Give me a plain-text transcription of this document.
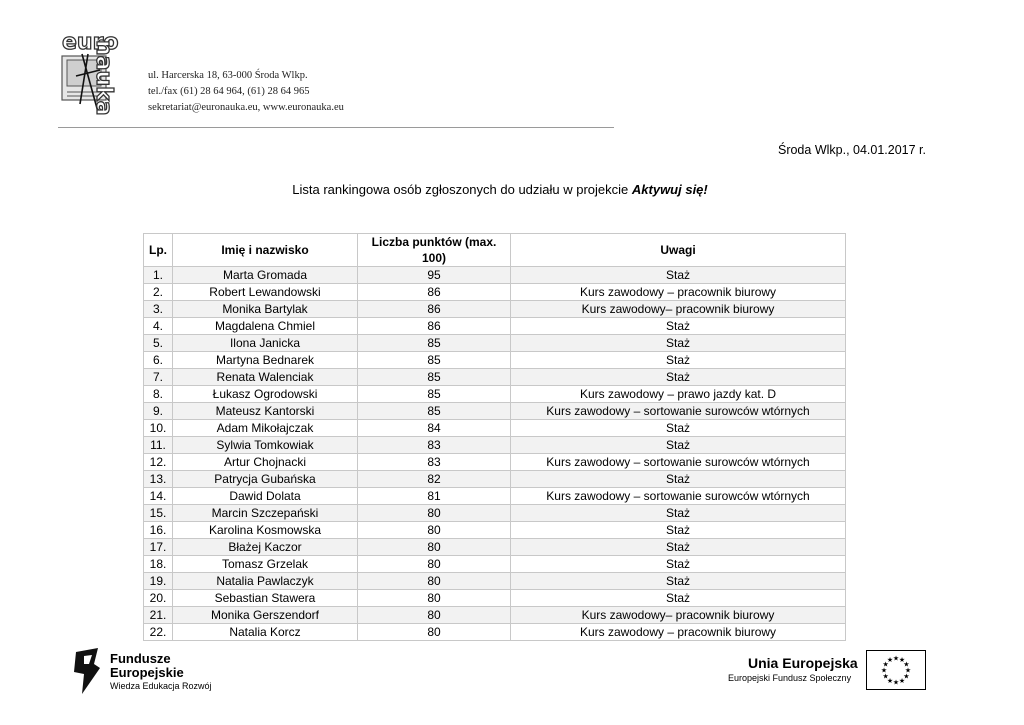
euro
nauka	ul. Harcerska 18, 63-000 Środa Wlkp.
tel./fax (61) 28 64 964, (61) 28 64 965
sekretariat@euronauka.eu, www.euronauka.eu
Środa Wlkp., 04.01.2017 r.
Lista rankingowa osób zgłoszonych do udziału w projekcie Aktywuj się!
Lp.	Imię i nazwisko	Liczba punktów (max. 100)	Uwagi
1.	Marta Gromada	95	Staż
2.	Robert Lewandowski	86	Kurs zawodowy – pracownik biurowy
3.	Monika Bartylak	86	Kurs zawodowy– pracownik biurowy
4.	Magdalena Chmiel	86	Staż
5.	Ilona Janicka	85	Staż
6.	Martyna Bednarek	85	Staż
7.	Renata Walenciak	85	Staż
8.	Łukasz Ogrodowski	85	Kurs zawodowy – prawo jazdy kat. D
9.	Mateusz Kantorski	85	Kurs zawodowy – sortowanie surowców wtórnych
10.	Adam Mikołajczak	84	Staż
11.	Sylwia Tomkowiak	83	Staż
12.	Artur Chojnacki	83	Kurs zawodowy – sortowanie surowców wtórnych
13.	Patrycja Gubańska	82	Staż
14.	Dawid Dolata	81	Kurs zawodowy – sortowanie surowców wtórnych
15.	Marcin Szczepański	80	Staż
16.	Karolina Kosmowska	80	Staż
17.	Błażej Kaczor	80	Staż
18.	Tomasz Grzelak	80	Staż
19.	Natalia Pawlaczyk	80	Staż
20.	Sebastian Stawera	80	Staż
21.	Monika Gerszendorf	80	Kurs zawodowy– pracownik biurowy
22.	Natalia Korcz	80	Kurs zawodowy – pracownik biurowy
Fundusze
Europejskie
Wiedza Edukacja Rozwój
Unia Europejska
Europejski Fundusz Społeczny
★
★
★
★
★
★
★
★
★ ★ ★
★
